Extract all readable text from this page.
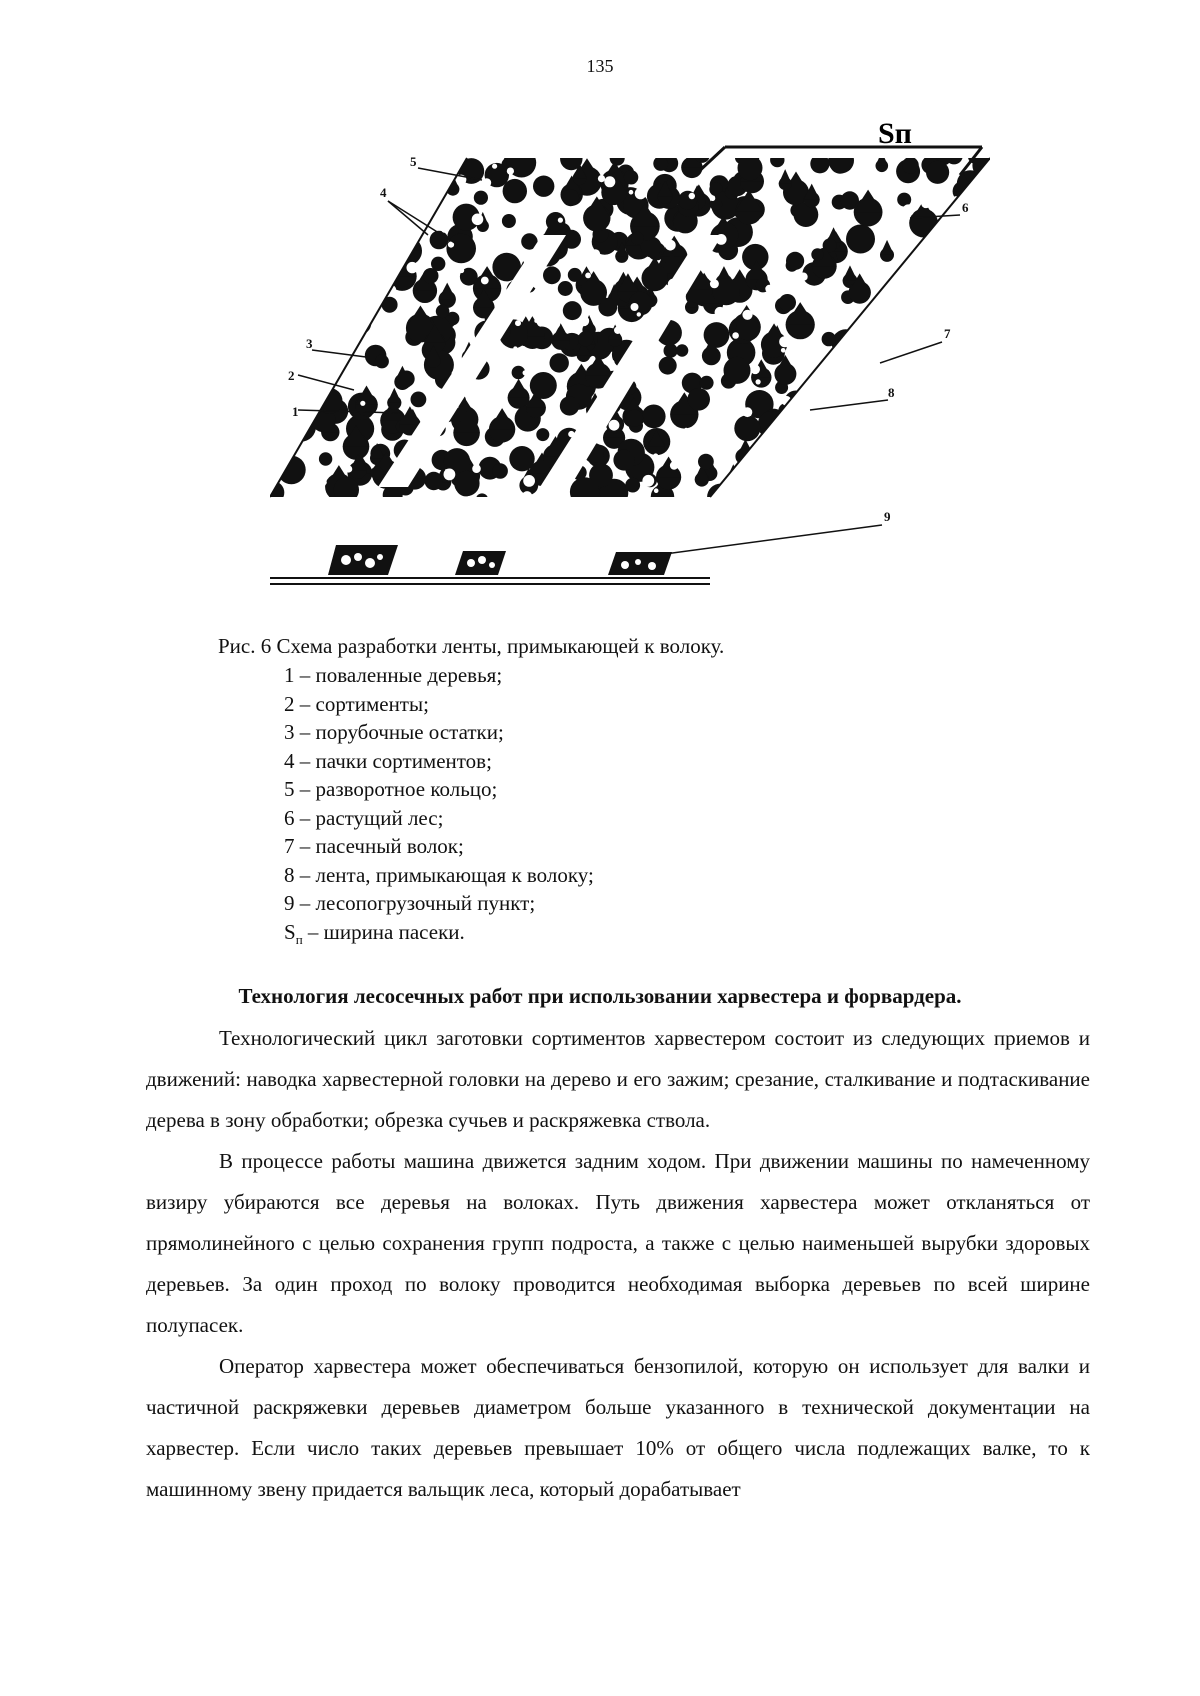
135
Sп
1
2
3
4
5
6
7
8
9
Рис. 6 Схема разработки ленты, примыкающей к волоку.
1 – поваленные деревья;
2 – сортименты;
3 – порубочные остатки;
4 – пачки сортиментов;
5 – разворотное кольцо;
6 – растущий лес;
7 – пасечный волок;
8 – лента, примыкающая к волоку;
9 – лесопогрузочный пункт;
$S_п$ – ширина пасеки.
Технология лесосечных работ при использовании харвестера и форвардера.

Технологический цикл заготовки сортиментов харвестером состоит из следующих приемов и движений: наводка харвестерной головки на дерево и его зажим; срезание, сталкивание и подтаскивание дерева в зону обработки; обрезка сучьев и раскряжевка ствола.

В процессе работы машина движется задним ходом. При движении машины по намеченному визиру убираются все деревья на волоках. Путь движения харвестера может откланяться от прямолинейного с целью сохранения групп подроста, а также с целью наименьшей вырубки здоровых деревьев. За один проход по волоку проводится необходимая выборка деревьев по всей ширине полупасек.

Оператор харвестера может обеспечиваться бензопилой, которую он использует для валки и частичной раскряжевки деревьев диаметром больше указанного в технической документации на харвестер. Если число таких деревьев превышает 10% от общего числа подлежащих валке, то к машинному звену придается вальщик леса, который дорабатывает
